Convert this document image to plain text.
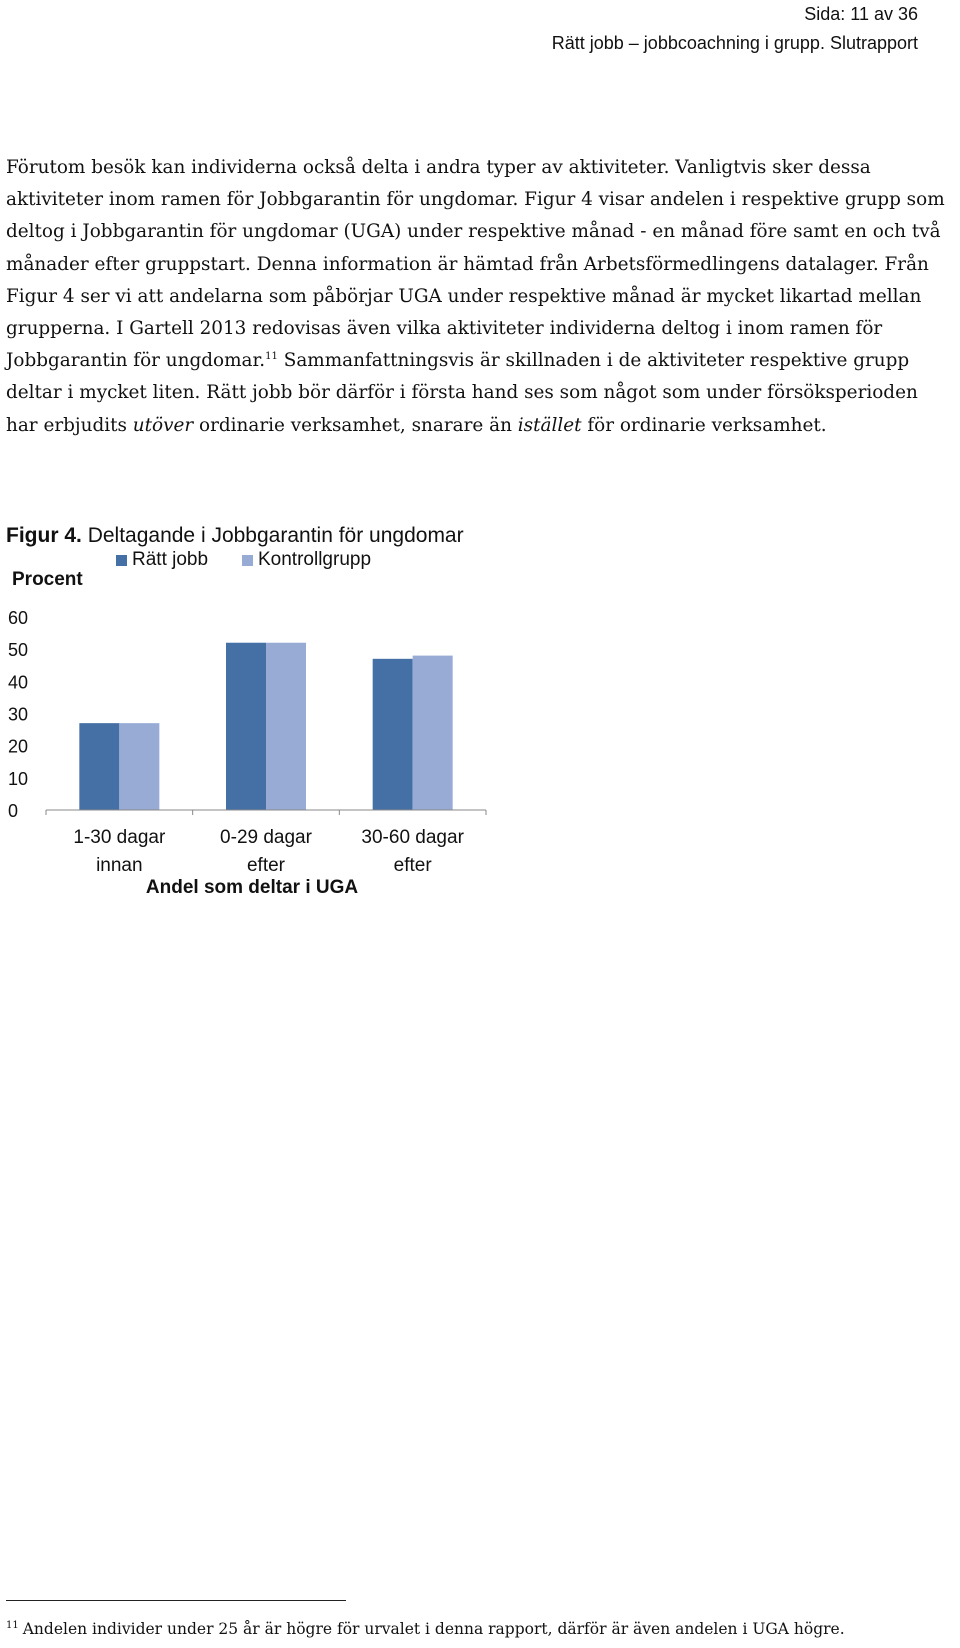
Sida: 11 av 36
Rätt jobb – jobbcoachning i grupp. Slutrapport

Förutom besök kan individerna också delta i andra typer av aktiviteter. Vanligtvis sker dessa aktiviteter inom ramen för Jobbgarantin för ungdomar. Figur 4 visar andelen i respektive grupp som deltog i Jobbgarantin för ungdomar (UGA) under respektive månad - en månad före samt en och två månader efter gruppstart. Denna information är hämtad från Arbetsförmedlingens datalager. Från Figur 4 ser vi att andelarna som påbörjar UGA under respektive månad är mycket likartad mellan grupperna. I Gartell 2013 redovisas även vilka aktiviteter individerna deltog i inom ramen för Jobbgarantin för ungdomar.$^{11}$ Sammanfattningsvis är skillnaden i de aktiviteter respektive grupp deltar i mycket liten. Rätt jobb bör därför i första hand ses som något som under försöksperioden har erbjudits utöver ordinarie verksamhet, snarare än istället för ordinarie verksamhet.

Figur 4. Deltagande i Jobbgarantin för ungdomar
Procent
0
10
20
30
40
50
60
Rätt jobb	Kontrollgrupp
1-30 dagar
innan
0-29 dagar
efter
30-60 dagar
efter
Andel som deltar i UGA
$^{11}$ Andelen individer under 25 år är högre för urvalet i denna rapport, därför är även andelen i UGA högre.
